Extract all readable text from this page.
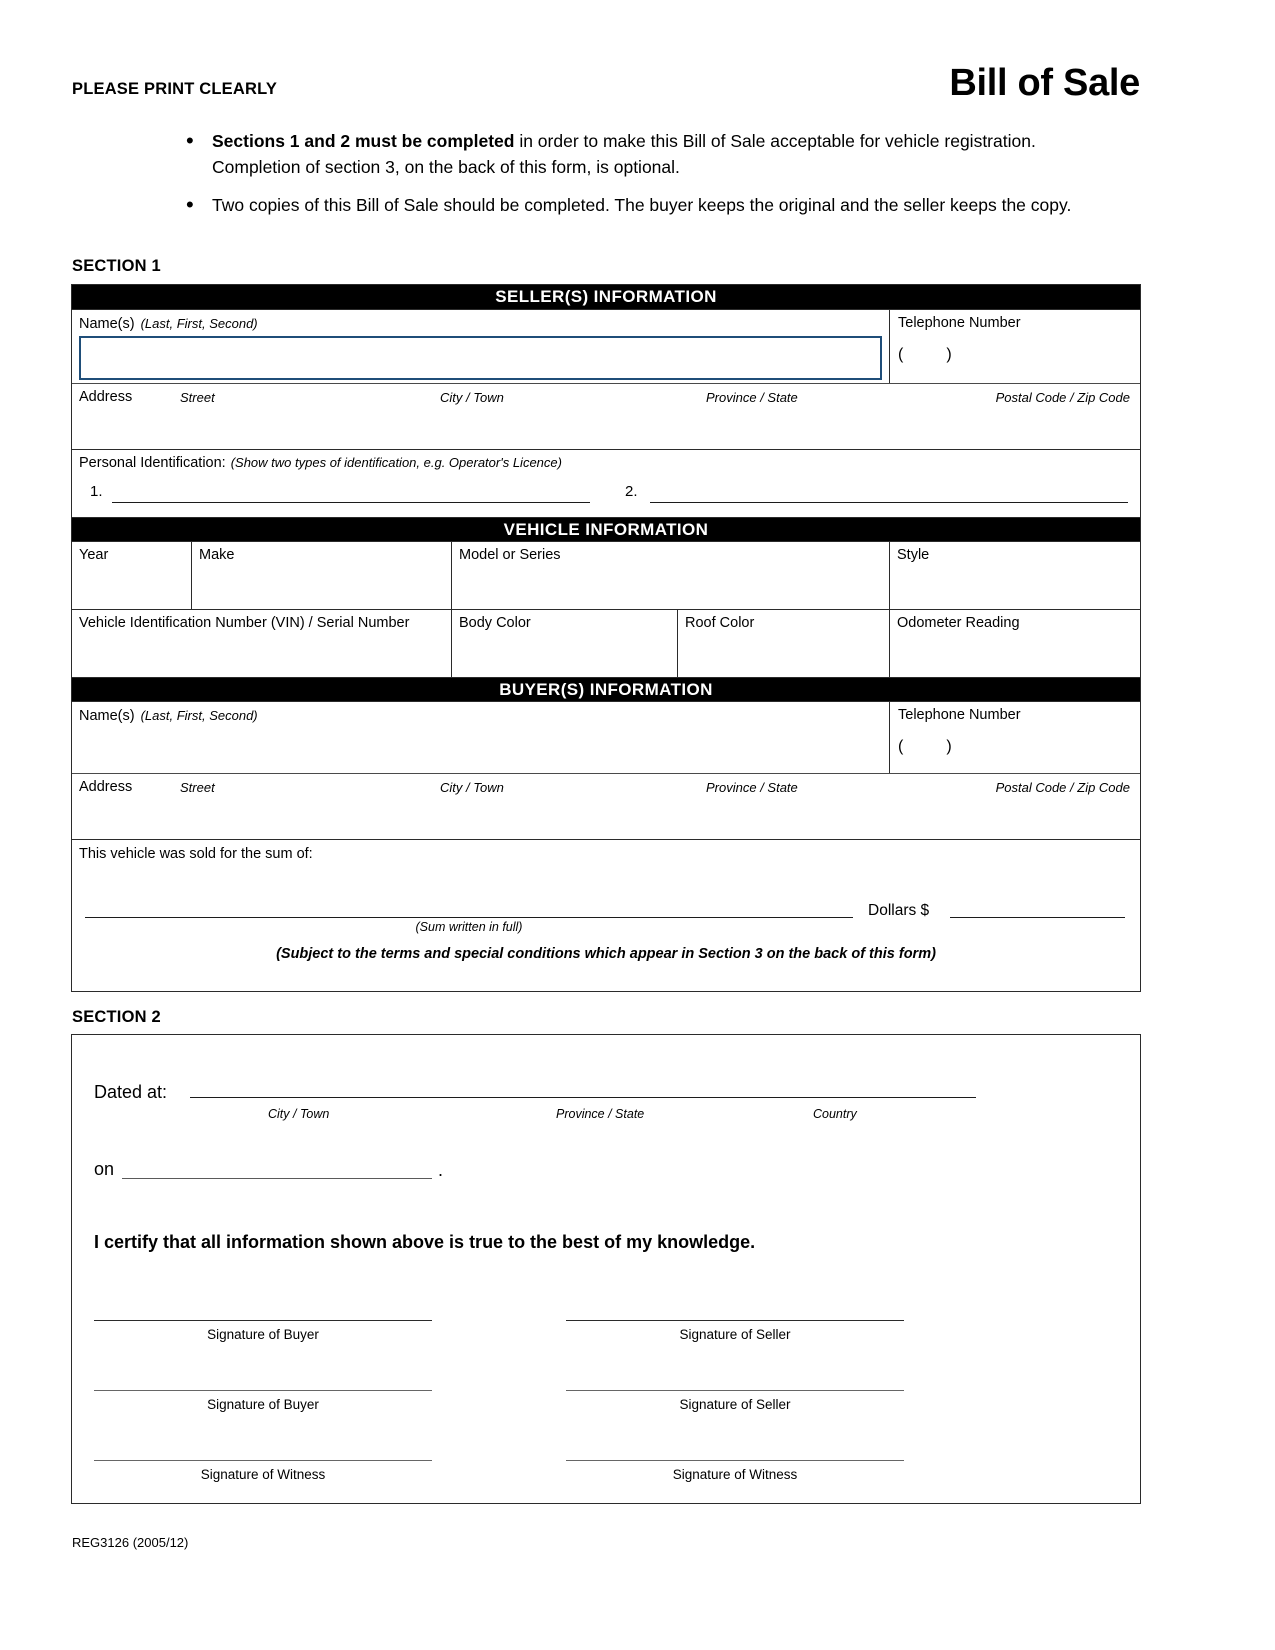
PLEASE PRINT CLEARLY	Bill of Sale
•	Sections 1 and 2 must be completed in order to make this Bill of Sale acceptable for vehicle registration. Completion of section 3, on the back of this form, is optional.
•	Two copies of this Bill of Sale should be completed. The buyer keeps the original and the seller keeps the copy.
SECTION 1
SELLER(S) INFORMATION
Name(s) (Last, First, Second)	Telephone Number
(	)
Address	Street	City / Town	Province / State	Postal Code / Zip Code
Personal Identification: (Show two types of identification, e.g. Operator's Licence)
1.	2.
VEHICLE INFORMATION
Year	Make	Model or Series	Style
Vehicle Identification Number (VIN) / Serial Number	Body Color	Roof Color	Odometer Reading
BUYER(S) INFORMATION
Name(s) (Last, First, Second)	Telephone Number
(	)
Address	Street	City / Town	Province / State	Postal Code / Zip Code
This vehicle was sold for the sum of:
(Sum written in full)
Dollars $
(Subject to the terms and special conditions which appear in Section 3 on the back of this form)
SECTION 2
Dated at:
City / Town	Province / State	Country
on	.
I certify that all information shown above is true to the best of my knowledge.
Signature of Buyer	Signature of Seller
Signature of Buyer	Signature of Seller
Signature of Witness	Signature of Witness
REG3126 (2005/12)
